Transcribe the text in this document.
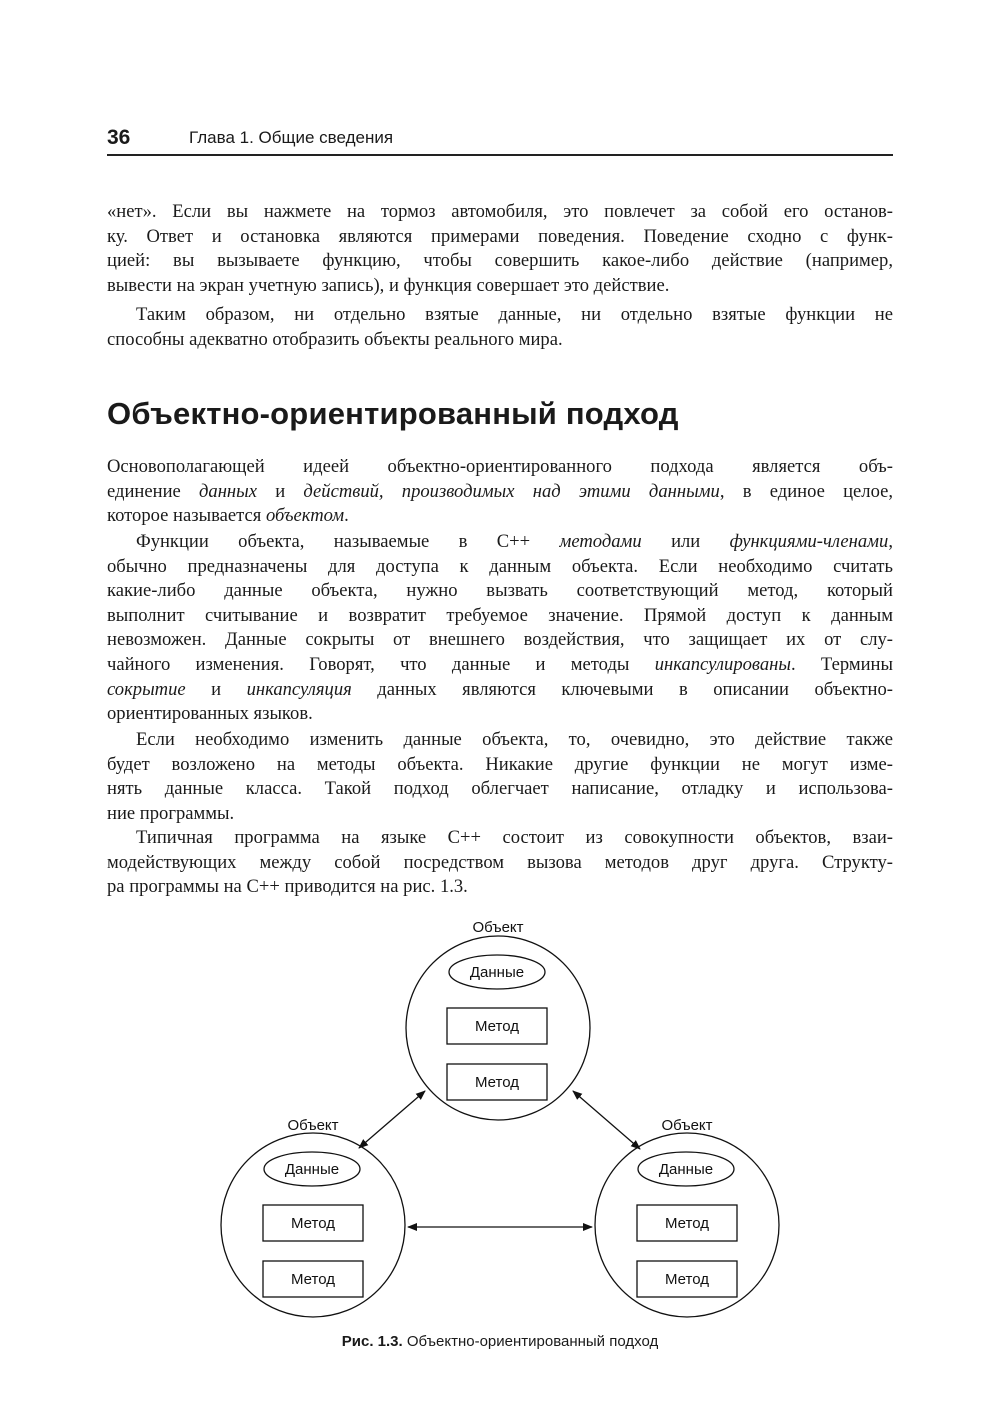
36	Глава 1. Общие сведения

«нет». Если вы нажмете на тормоз автомобиля, это повлечет за собой его останов-
ку. Ответ и остановка являются примерами поведения. Поведение сходно с функ-
цией: вы вызываете функцию, чтобы совершить какое-либо действие (например,
вывести на экран учетную запись), и функция совершает это действие.

Таким образом, ни отдельно взятые данные, ни отдельно взятые функции не
способны адекватно отобразить объекты реального мира.

Объектно-ориентированный подход

Основополагающей идеей объектно-ориентированного подхода является объ-
единение данных и действий, производимых над этими данными, в единое целое,
которое называется объектом.

Функции объекта, называемые в С++ методами или функциями-членами,
обычно предназначены для доступа к данным объекта. Если необходимо считать
какие-либо данные объекта, нужно вызвать соответствующий метод, который
выполнит считывание и возвратит требуемое значение. Прямой доступ к данным
невозможен. Данные сокрыты от внешнего воздействия, что защищает их от слу-
чайного изменения. Говорят, что данные и методы инкапсулированы. Термины
сокрытие и инкапсуляция данных являются ключевыми в описании объектно-
ориентированных языков.

Если необходимо изменить данные объекта, то, очевидно, это действие также
будет возложено на методы объекта. Никакие другие функции не могут изме-
нять данные класса. Такой подход облегчает написание, отладку и использова-
ние программы.

Типичная программа на языке С++ состоит из совокупности объектов, взаи-
модействующих между собой посредством вызова методов друг друга. Структу-
ра программы на С++ приводится на рис. 1.3.

Объект
Данные
Метод
Метод
Объект
Данные
Метод
Метод
Объект
Данные
Метод
Метод
Рис. 1.3. Объектно-ориентированный подход
